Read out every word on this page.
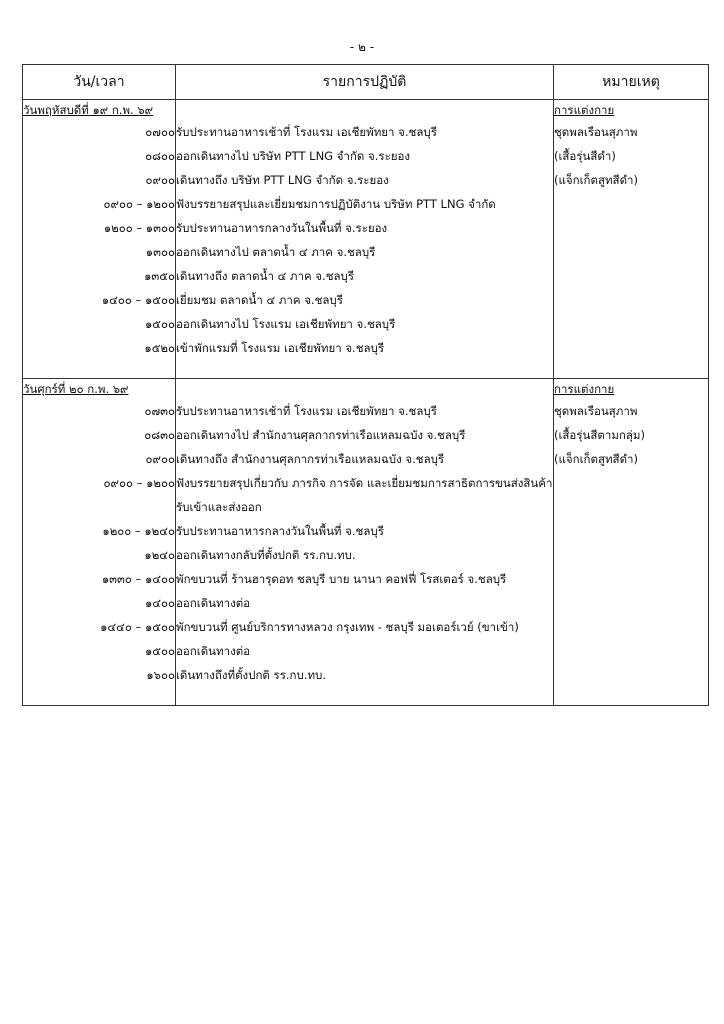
- ๒ -
วัน/เวลา	รายการปฏิบัติ	หมายเหตุ
วันพฤหัสบดีที่ ๑๙ ก.พ. ๖๙		การแต่งกาย
๐๗๐๐	รับประทานอาหารเช้าที่ โรงแรม เอเชียพัทยา จ.ชลบุรี	ชุดพลเรือนสุภาพ
๐๘๐๐	ออกเดินทางไป บริษัท PTT LNG จำกัด จ.ระยอง	(เสื้อรุ่นสีดำ)
๐๙๐๐	เดินทางถึง บริษัท PTT LNG จำกัด จ.ระยอง	(แจ็กเก็ตสูทสีดำ)
๐๙๐๐ – ๑๒๐๐	ฟังบรรยายสรุปและเยี่ยมชมการปฏิบัติงาน บริษัท PTT LNG จำกัด	
๑๒๐๐ – ๑๓๐๐	รับประทานอาหารกลางวันในพื้นที่ จ.ระยอง	
๑๓๐๐	ออกเดินทางไป ตลาดน้ำ ๔ ภาค จ.ชลบุรี	
๑๓๕๐	เดินทางถึง ตลาดน้ำ ๔ ภาค จ.ชลบุรี	
๑๔๐๐ – ๑๕๐๐	เยี่ยมชม ตลาดน้ำ ๔ ภาค จ.ชลบุรี	
๑๕๐๐	ออกเดินทางไป โรงแรม เอเชียพัทยา จ.ชลบุรี	
๑๕๒๐	เข้าพักแรมที่ โรงแรม เอเชียพัทยา จ.ชลบุรี	

วันศุกร์ที่ ๒๐ ก.พ. ๖๙		การแต่งกาย
๐๗๓๐	รับประทานอาหารเช้าที่ โรงแรม เอเชียพัทยา จ.ชลบุรี	ชุดพลเรือนสุภาพ
๐๘๓๐	ออกเดินทางไป สำนักงานศุลกากรท่าเรือแหลมฉบัง จ.ชลบุรี	(เสื้อรุ่นสีตามกลุ่ม)
๐๙๐๐	เดินทางถึง สำนักงานศุลกากรท่าเรือแหลมฉบัง จ.ชลบุรี	(แจ็กเก็ตสูทสีดำ)
๐๙๐๐ – ๑๒๐๐	ฟังบรรยายสรุปเกี่ยวกับ ภารกิจ การจัด และเยี่ยมชมการสาธิตการขนส่งสินค้า	
	รับเข้าและส่งออก	
๑๒๐๐ – ๑๒๔๐	รับประทานอาหารกลางวันในพื้นที่ จ.ชลบุรี	
๑๒๔๐	ออกเดินทางกลับที่ตั้งปกติ รร.กบ.ทบ.	
๑๓๓๐ – ๑๔๐๐	พักขบวนที่ ร้านฮารุดอท ชลบุรี บาย นานา คอฟฟี่ โรสเตอร์ จ.ชลบุรี	
๑๔๐๐	ออกเดินทางต่อ	
๑๔๔๐ – ๑๕๐๐	พักขบวนที่ ศูนย์บริการทางหลวง กรุงเทพ - ชลบุรี มอเตอร์เวย์ (ขาเข้า)	
๑๕๐๐	ออกเดินทางต่อ	
๑๖๐๐	เดินทางถึงที่ตั้งปกติ รร.กบ.ทบ.	
